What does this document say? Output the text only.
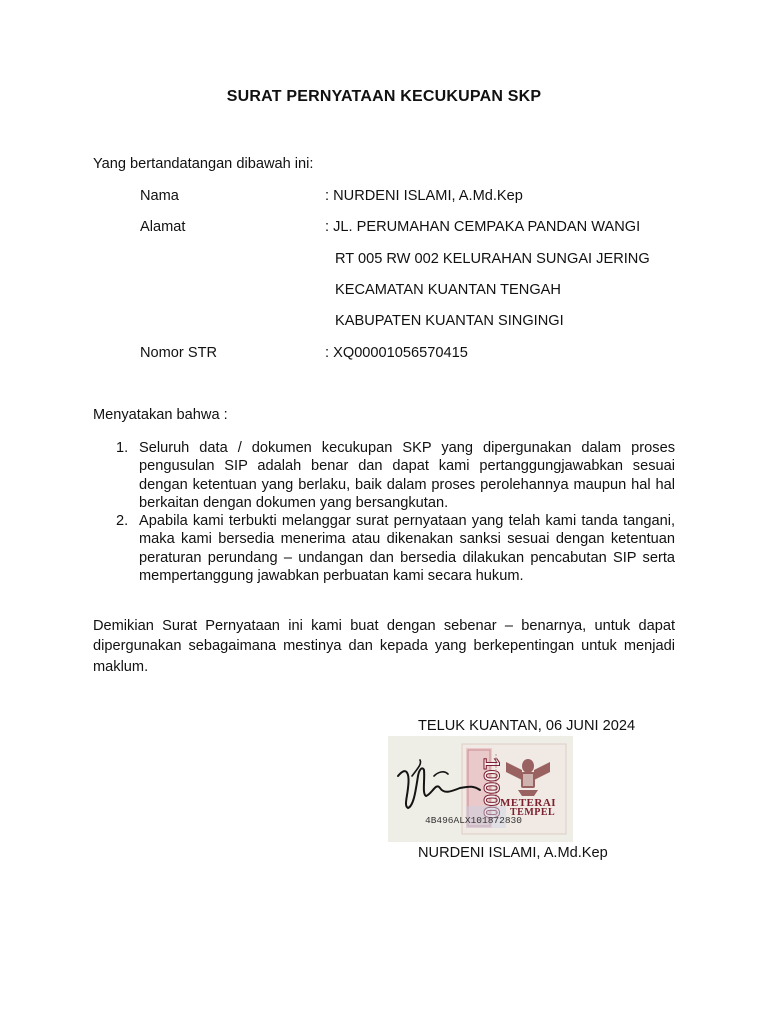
SURAT PERNYATAAN KECUKUPAN SKP
Yang bertandatangan dibawah ini:
Nama	: NURDENI ISLAMI, A.Md.Kep
Alamat	: JL. PERUMAHAN CEMPAKA PANDAN WANGI
RT 005 RW 002 KELURAHAN SUNGAI JERING
KECAMATAN KUANTAN TENGAH
KABUPATEN KUANTAN SINGINGI
Nomor STR	: XQ00001056570415
Menyatakan bahwa :
1. Seluruh data / dokumen kecukupan SKP yang dipergunakan dalam proses pengusulan SIP adalah benar dan dapat kami pertanggungjawabkan sesuai dengan ketentuan yang berlaku, baik dalam proses perolehannya maupun hal hal berkaitan dengan dokumen yang bersangkutan.
2. Apabila kami terbukti melanggar surat pernyataan yang telah kami tanda tangani, maka kami bersedia menerima atau dikenakan sanksi sesuai dengan ketentuan peraturan perundang – undangan dan bersedia dilakukan pencabutan SIP serta mempertanggung jawabkan perbuatan kami secara hukum.
Demikian Surat Pernyataan ini kami buat dengan sebenar – benarnya, untuk dapat dipergunakan sebagaimana mestinya dan kepada yang berkepentingan untuk menjadi maklum.
TELUK KUANTAN, 06 JUNI 2024
10000
METERAI
TEMPEL
4B496ALX101872830
NURDENI ISLAMI, A.Md.Kep
